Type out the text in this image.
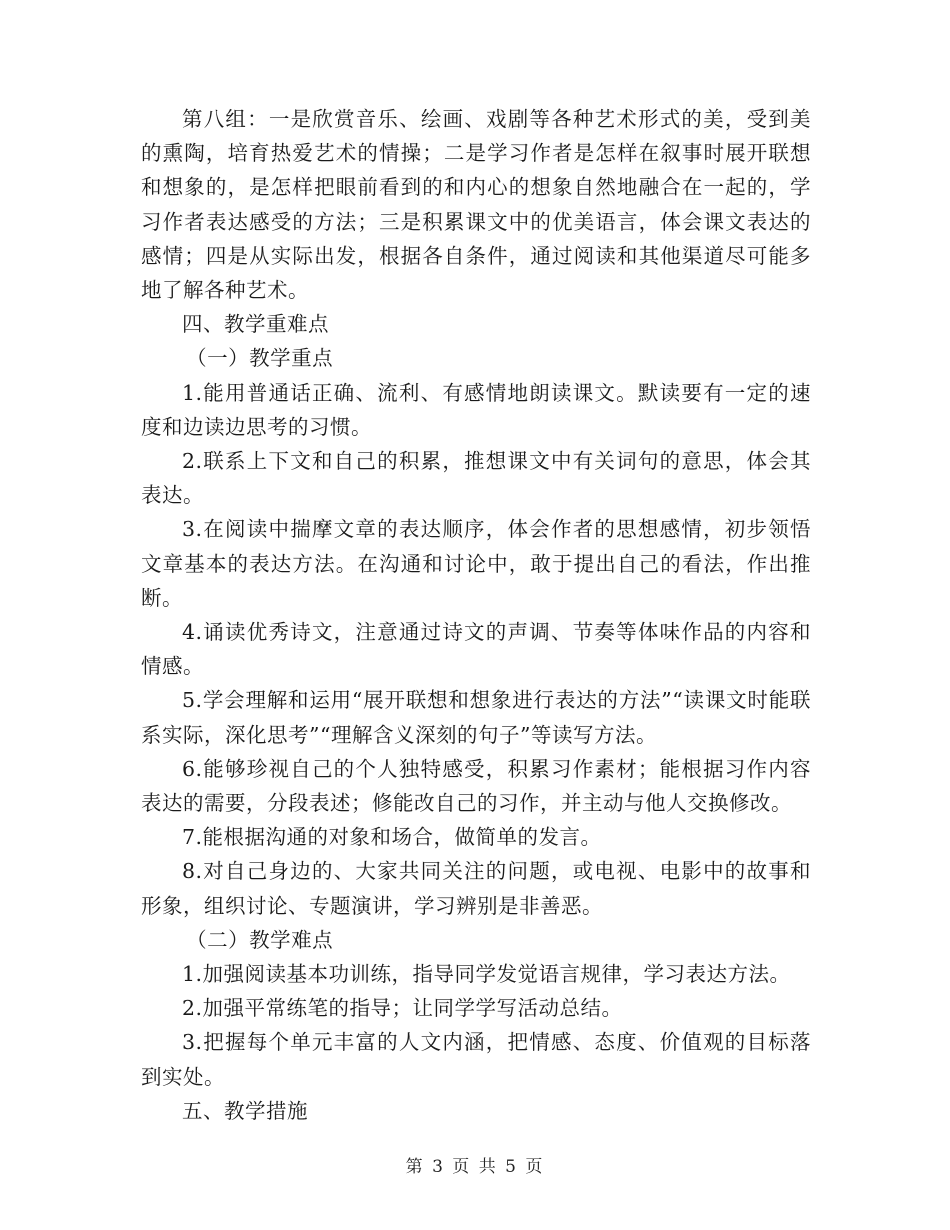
第八组：一是欣赏音乐、绘画、戏剧等各种艺术形式的美，受到美的熏陶，培育热爱艺术的情操；二是学习作者是怎样在叙事时展开联想和想象的，是怎样把眼前看到的和内心的想象自然地融合在一起的，学习作者表达感受的方法；三是积累课文中的优美语言，体会课文表达的感情；四是从实际出发，根据各自条件，通过阅读和其他渠道尽可能多地了解各种艺术。

四、教学重难点

（一）教学重点

1.能用普通话正确、流利、有感情地朗读课文。默读要有一定的速度和边读边思考的习惯。

2.联系上下文和自己的积累，推想课文中有关词句的意思，体会其表达。

3.在阅读中揣摩文章的表达顺序，体会作者的思想感情，初步领悟文章基本的表达方法。在沟通和讨论中，敢于提出自己的看法，作出推断。

4.诵读优秀诗文，注意通过诗文的声调、节奏等体味作品的内容和情感。

5.学会理解和运用“展开联想和想象进行表达的方法”“读课文时能联系实际，深化思考”“理解含义深刻的句子”等读写方法。

6.能够珍视自己的个人独特感受，积累习作素材；能根据习作内容表达的需要，分段表述；修能改自己的习作，并主动与他人交换修改。

7.能根据沟通的对象和场合，做简单的发言。

8.对自己身边的、大家共同关注的问题，或电视、电影中的故事和形象，组织讨论、专题演讲，学习辨别是非善恶。

（二）教学难点

1.加强阅读基本功训练，指导同学发觉语言规律，学习表达方法。

2.加强平常练笔的指导；让同学学写活动总结。

3.把握每个单元丰富的人文内涵，把情感、态度、价值观的目标落到实处。

五、教学措施

第 3 页 共 5 页
